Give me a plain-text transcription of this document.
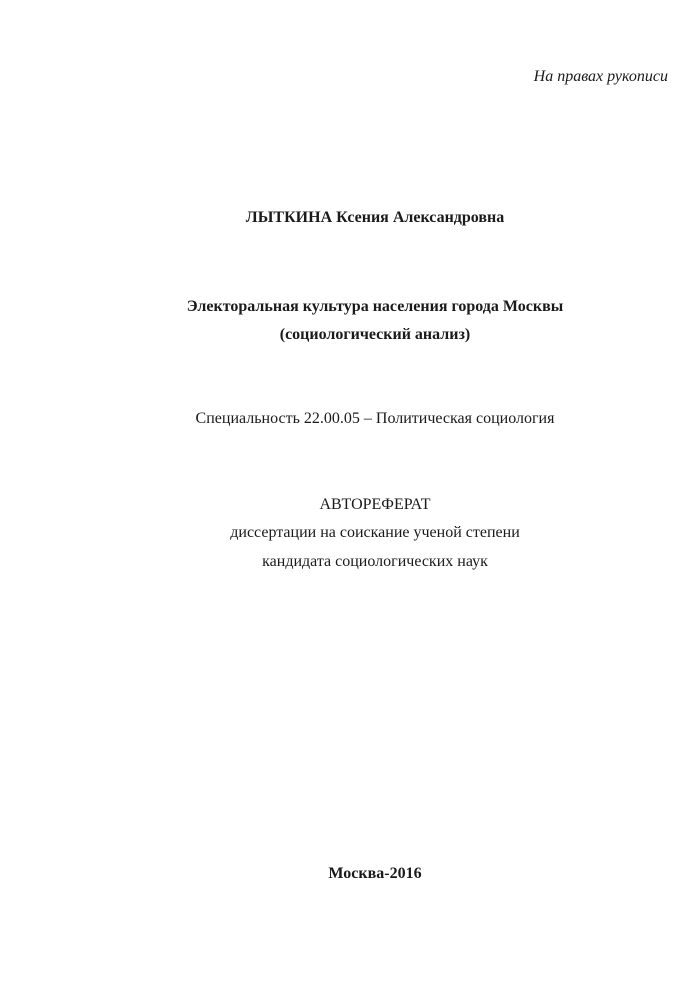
На правах рукописи
ЛЫТКИНА Ксения Александровна
Электоральная культура населения города Москвы
(социологический анализ)
Специальность 22.00.05 – Политическая социология
АВТОРЕФЕРАТ
диссертации на соискание ученой степени
кандидата социологических наук
Москва-2016
